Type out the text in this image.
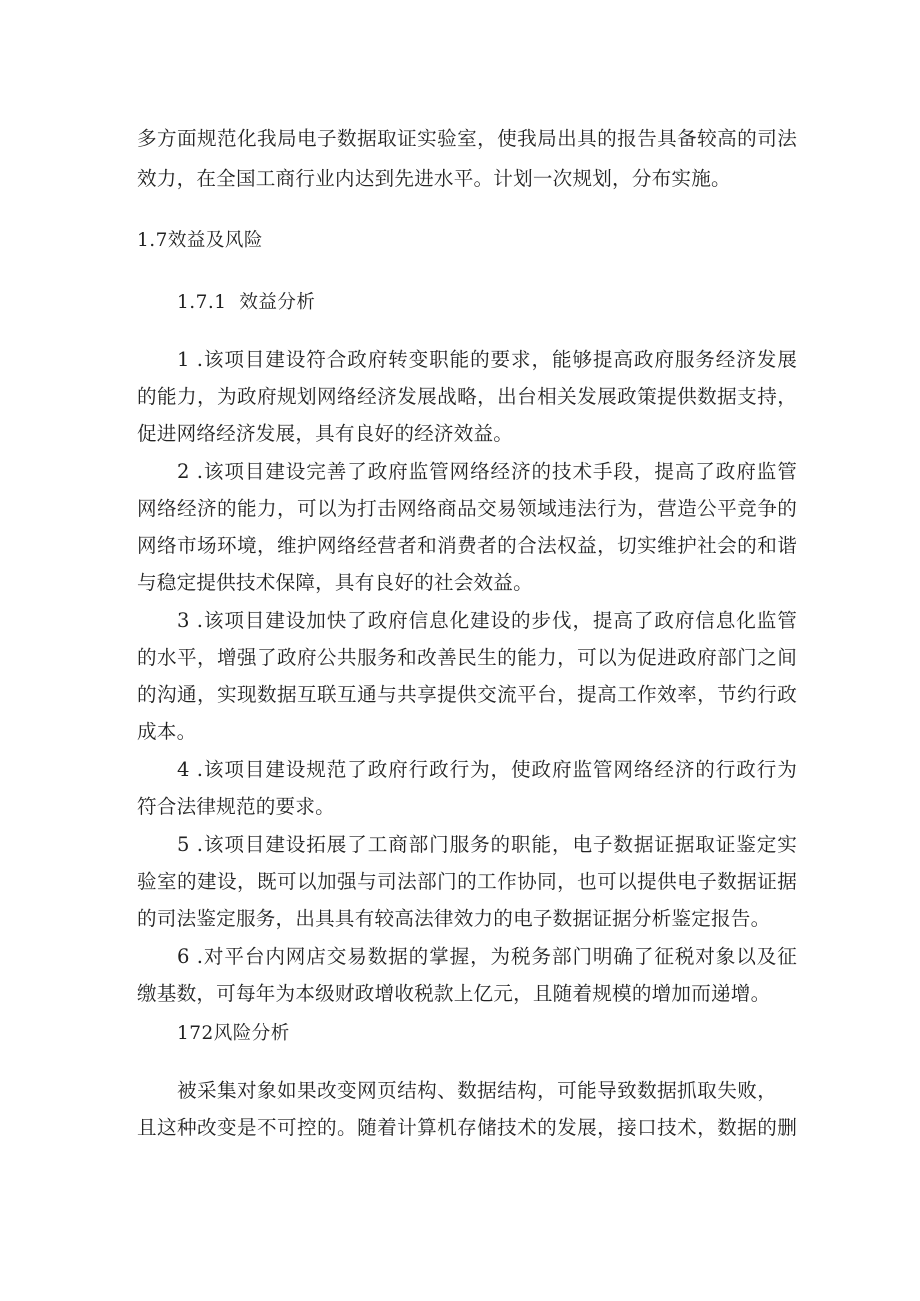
多方面规范化我局电子数据取证实验室，使我局出具的报告具备较高的司法
效力，在全国工商行业内达到先进水平。计划一次规划，分布实施。
1.7效益及风险
1.7.1  效益分析
1 .该项目建设符合政府转变职能的要求，能够提高政府服务经济发展
的能力，为政府规划网络经济发展战略，出台相关发展政策提供数据支持，
促进网络经济发展，具有良好的经济效益。
2 .该项目建设完善了政府监管网络经济的技术手段，提高了政府监管
网络经济的能力，可以为打击网络商品交易领域违法行为，营造公平竞争的
网络市场环境，维护网络经营者和消费者的合法权益，切实维护社会的和谐
与稳定提供技术保障，具有良好的社会效益。
3 .该项目建设加快了政府信息化建设的步伐，提高了政府信息化监管
的水平，增强了政府公共服务和改善民生的能力，可以为促进政府部门之间
的沟通，实现数据互联互通与共享提供交流平台，提高工作效率，节约行政
成本。
4 .该项目建设规范了政府行政行为，使政府监管网络经济的行政行为
符合法律规范的要求。
5 .该项目建设拓展了工商部门服务的职能，电子数据证据取证鉴定实
验室的建设，既可以加强与司法部门的工作协同，也可以提供电子数据证据
的司法鉴定服务，出具具有较高法律效力的电子数据证据分析鉴定报告。
6 .对平台内网店交易数据的掌握，为税务部门明确了征税对象以及征
缴基数，可每年为本级财政增收税款上亿元，且随着规模的增加而递增。
172风险分析
被采集对象如果改变网页结构、数据结构，可能导致数据抓取失败，
且这种改变是不可控的。随着计算机存储技术的发展，接口技术，数据的删
